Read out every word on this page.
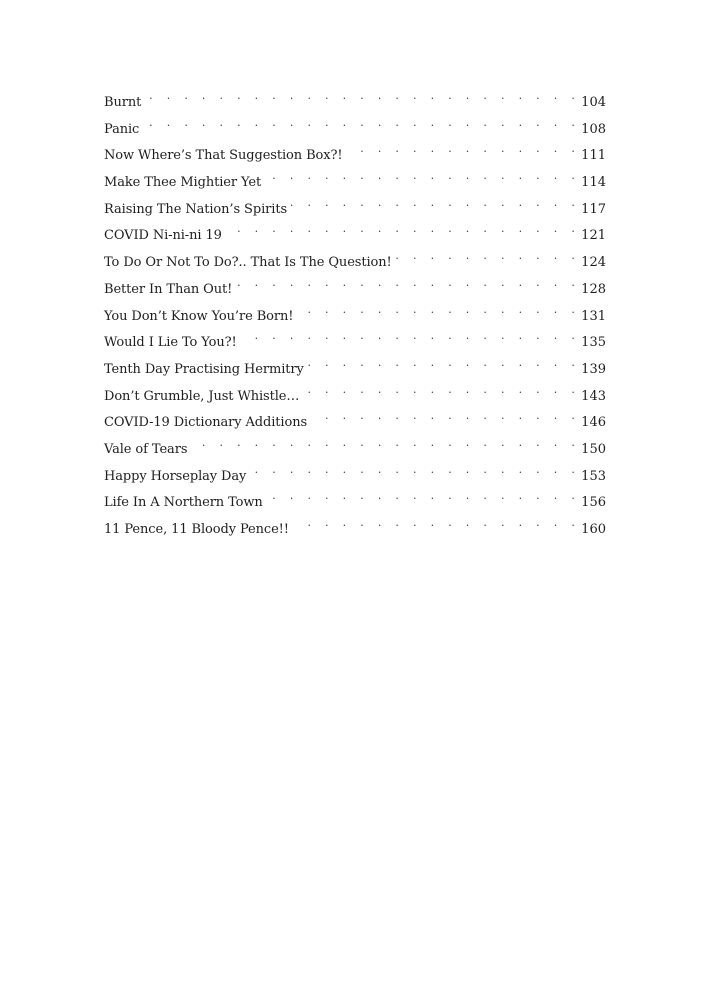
Burnt . . .	104
Panic . . .	108
Now Where’s That Suggestion Box?! . . .	111
Make Thee Mightier Yet . . .	114
Raising The Nation’s Spirits . . .	117
COVID Ni-ni-ni 19 . . .	121
To Do Or Not To Do?.. That Is The Question! . . .	124
Better In Than Out! . . .	128
You Don’t Know You’re Born! . . .	131
Would I Lie To You?! . . .	135
Tenth Day Practising Hermitry . . .	139
Don’t Grumble, Just Whistle… . . .	143
COVID-19 Dictionary Additions . . .	146
Vale of Tears . . .	150
Happy Horseplay Day . . .	153
Life In A Northern Town . . .	156
11 Pence, 11 Bloody Pence!! . . .	160
